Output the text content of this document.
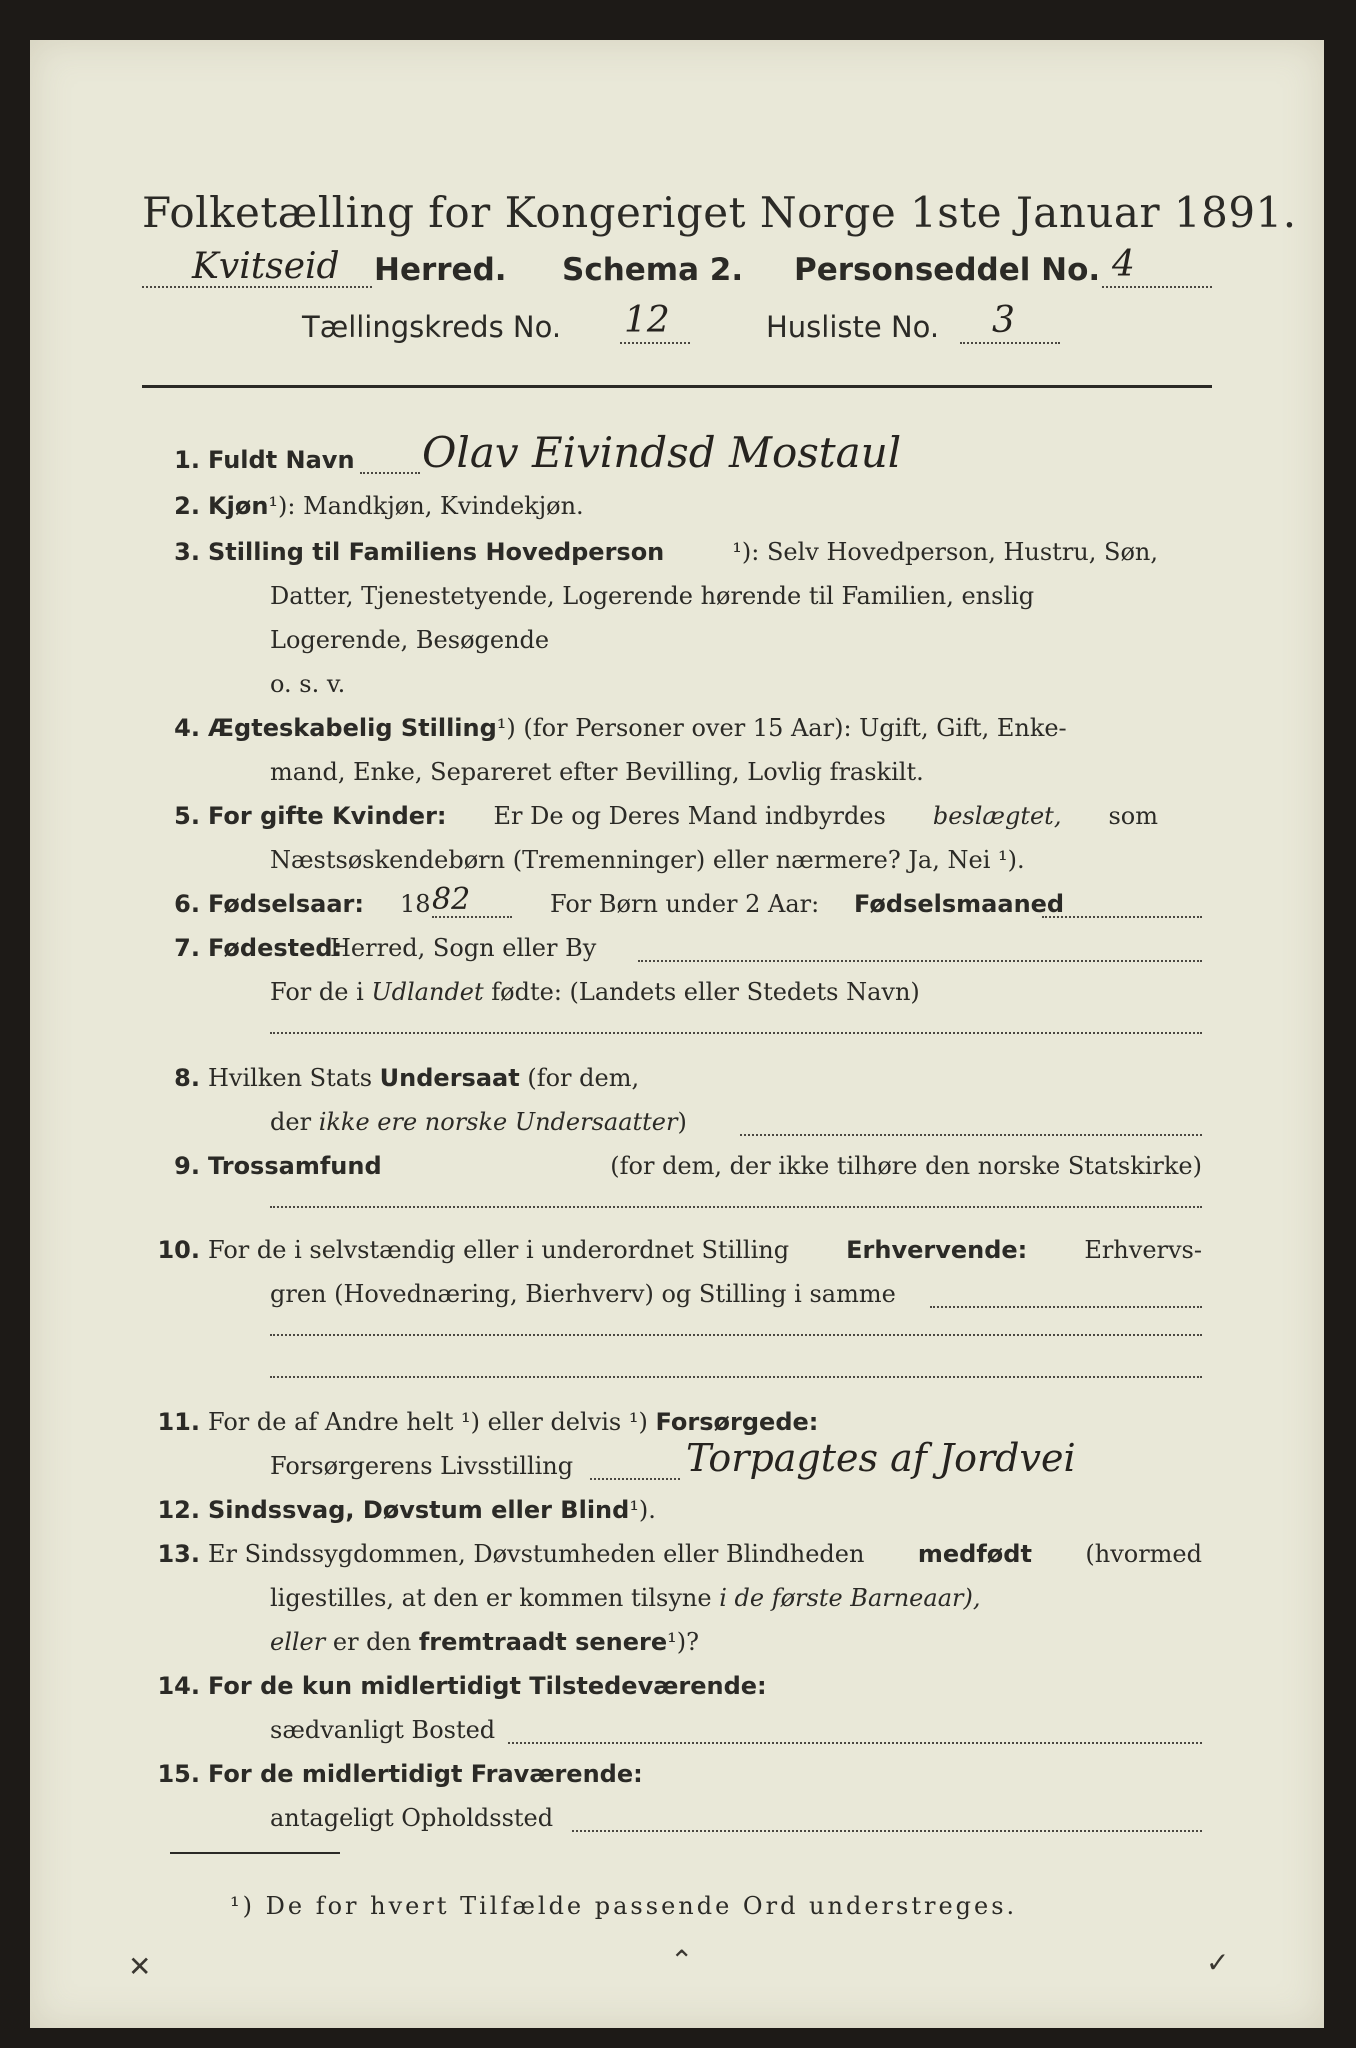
Folketælling for Kongeriget Norge 1ste Januar 1891.
Kvitseid Herred. Schema 2. Personseddel No. 4
Tællingskreds No. 12	Husliste No. 3
1. Fuldt Navn Olav Eivindsd Mostaul
2. Kjøn¹): Mandkjøn, Kvindekjøn.
3. Stilling til Familiens Hovedperson	¹): Selv Hovedperson, Hustru, Søn,
Datter, Tjenestetyende, Logerende hørende til Familien, enslig
Logerende, Besøgende
o. s. v.
4. Ægteskabelig Stilling¹) (for Personer over 15 Aar): Ugift, Gift, Enke-
mand, Enke, Separeret efter Bevilling, Lovlig fraskilt.
5. For gifte Kvinder: Er De og Deres Mand indbyrdes beslægtet, som
Næstsøskendebørn (Tremenninger) eller nærmere? Ja, Nei ¹).
6. Fødselsaar: 18 82	For Børn under 2 Aar: Fødselsmaaned
7. Fødested:
Herred, Sogn eller By
For de i Udlandet fødte: (Landets eller Stedets Navn)
8. Hvilken Stats Undersaat (for dem,
der ikke ere norske Undersaatter)
9. Trossamfund	(for dem, der ikke tilhøre den norske Statskirke)
10. For de i selvstændig eller i underordnet Stilling Erhvervende: Erhvervs-
gren (Hovednæring, Bierhverv) og Stilling i samme
11. For de af Andre helt ¹) eller delvis ¹) Forsørgede:
Forsørgerens Livsstilling	Torpagtes af Jordvei
12. Sindssvag, Døvstum eller Blind¹).
13. Er Sindssygdommen, Døvstumheden eller Blindheden medfødt (hvormed
ligestilles, at den er kommen tilsyne i de første Barneaar),
eller er den fremtraadt senere¹)?
14. For de kun midlertidigt Tilstedeværende:
sædvanligt Bosted
15. For de midlertidigt Fraværende:
antageligt Opholdssted
¹) De for hvert Tilfælde passende Ord understreges.
✕	⌃	✓
